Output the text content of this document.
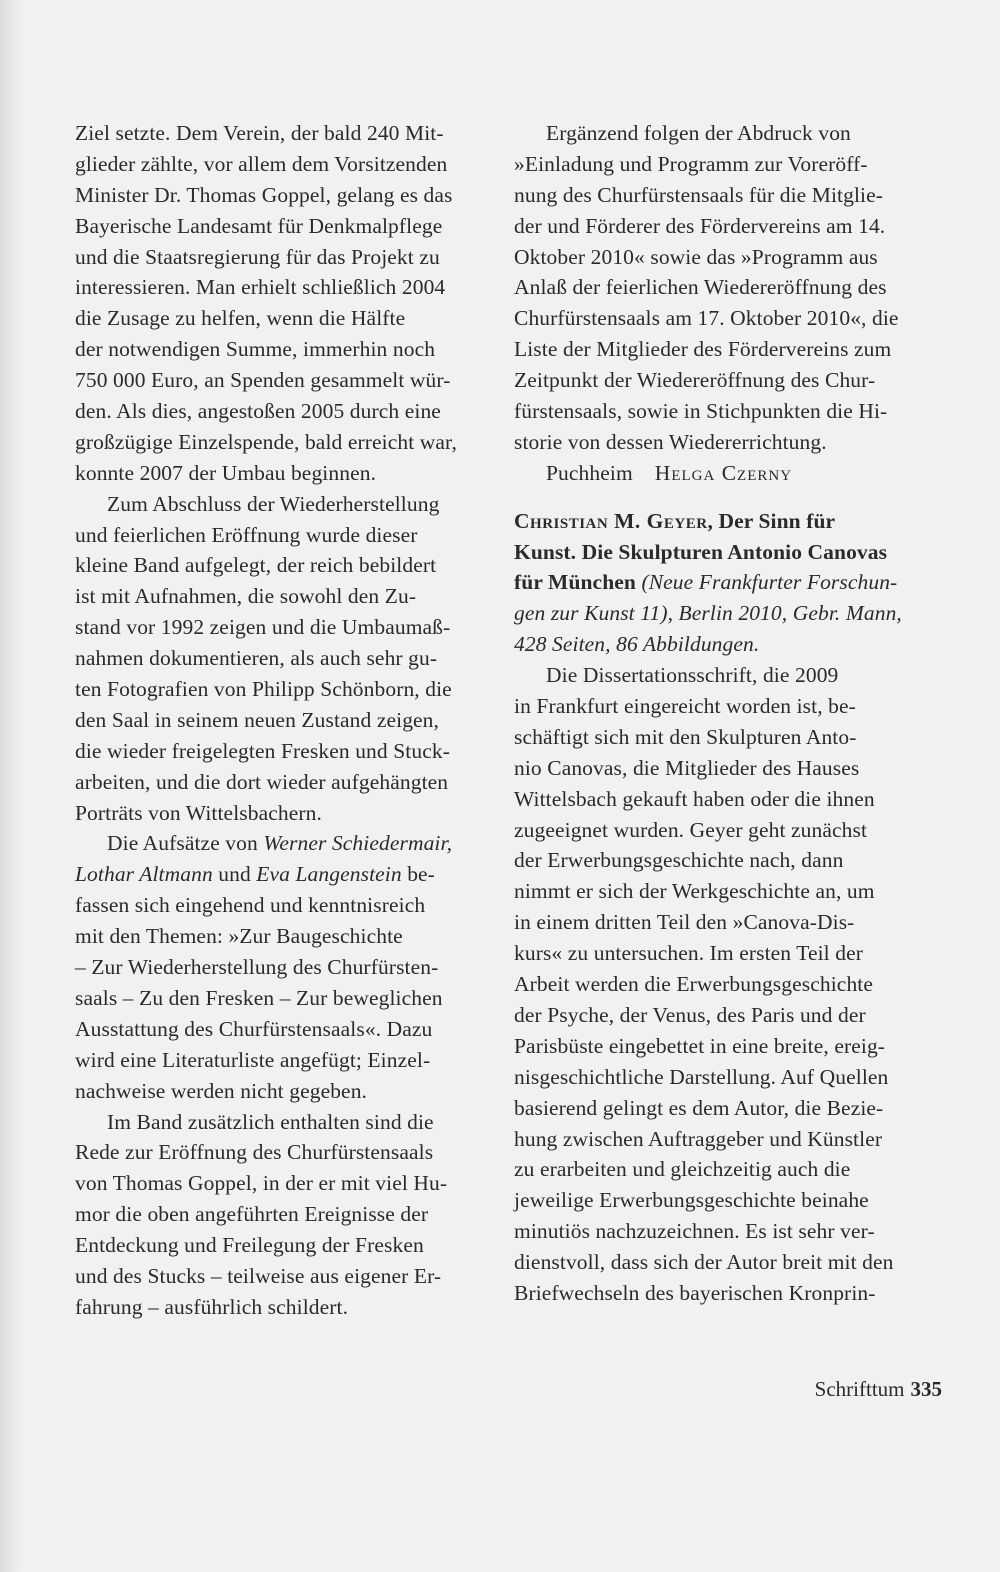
Ziel setzte. Dem Verein, der bald 240 Mit-
glieder zählte, vor allem dem Vorsitzenden
Minister Dr. Thomas Goppel, gelang es das
Bayerische Landesamt für Denkmalpflege
und die Staatsregierung für das Projekt zu
interessieren. Man erhielt schließlich 2004
die Zusage zu helfen, wenn die Hälfte
der notwendigen Summe, immerhin noch
750 000 Euro, an Spenden gesammelt wür-
den. Als dies, angestoßen 2005 durch eine
großzügige Einzelspende, bald erreicht war,
konnte 2007 der Umbau beginnen.
Zum Abschluss der Wiederherstellung
und feierlichen Eröffnung wurde dieser
kleine Band aufgelegt, der reich bebildert
ist mit Aufnahmen, die sowohl den Zu-
stand vor 1992 zeigen und die Umbaumaß-
nahmen dokumentieren, als auch sehr gu-
ten Fotografien von Philipp Schönborn, die
den Saal in seinem neuen Zustand zeigen,
die wieder freigelegten Fresken und Stuck-
arbeiten, und die dort wieder aufgehängten
Porträts von Wittelsbachern.
Die Aufsätze von Werner Schiedermair,
Lothar Altmann und Eva Langenstein be-
fassen sich eingehend und kenntnisreich
mit den Themen: »Zur Baugeschichte
– Zur Wiederherstellung des Churfürsten-
saals – Zu den Fresken – Zur beweglichen
Ausstattung des Churfürstensaals«. Dazu
wird eine Literaturliste angefügt; Einzel-
nachweise werden nicht gegeben.
Im Band zusätzlich enthalten sind die
Rede zur Eröffnung des Churfürstensaals
von Thomas Goppel, in der er mit viel Hu-
mor die oben angeführten Ereignisse der
Entdeckung und Freilegung der Fresken
und des Stucks – teilweise aus eigener Er-
fahrung – ausführlich schildert.
Ergänzend folgen der Abdruck von
»Einladung und Programm zur Voreröff-
nung des Churfürstensaals für die Mitglie-
der und Förderer des Fördervereins am 14.
Oktober 2010« sowie das »Programm aus
Anlaß der feierlichen Wiedereröffnung des
Churfürstensaals am 17. Oktober 2010«, die
Liste der Mitglieder des Fördervereins zum
Zeitpunkt der Wiedereröffnung des Chur-
fürstensaals, sowie in Stichpunkten die Hi-
storie von dessen Wiedererrichtung.
Puchheim Helga Czerny
Christian M. Geyer, Der Sinn für
Kunst. Die Skulpturen Antonio Canovas
für München (Neue Frankfurter Forschun-
gen zur Kunst 11), Berlin 2010, Gebr. Mann,
428 Seiten, 86 Abbildungen.
Die Dissertationsschrift, die 2009
in Frankfurt eingereicht worden ist, be-
schäftigt sich mit den Skulpturen Anto-
nio Canovas, die Mitglieder des Hauses
Wittelsbach gekauft haben oder die ihnen
zugeeignet wurden. Geyer geht zunächst
der Erwerbungsgeschichte nach, dann
nimmt er sich der Werkgeschichte an, um
in einem dritten Teil den »Canova-Dis-
kurs« zu untersuchen. Im ersten Teil der
Arbeit werden die Erwerbungsgeschichte
der Psyche, der Venus, des Paris und der
Parisbüste eingebettet in eine breite, ereig-
nisgeschichtliche Darstellung. Auf Quellen
basierend gelingt es dem Autor, die Bezie-
hung zwischen Auftraggeber und Künstler
zu erarbeiten und gleichzeitig auch die
jeweilige Erwerbungsgeschichte beinahe
minutiös nachzuzeichnen. Es ist sehr ver-
dienstvoll, dass sich der Autor breit mit den
Briefwechseln des bayerischen Kronprin-
Schrifttum 335
